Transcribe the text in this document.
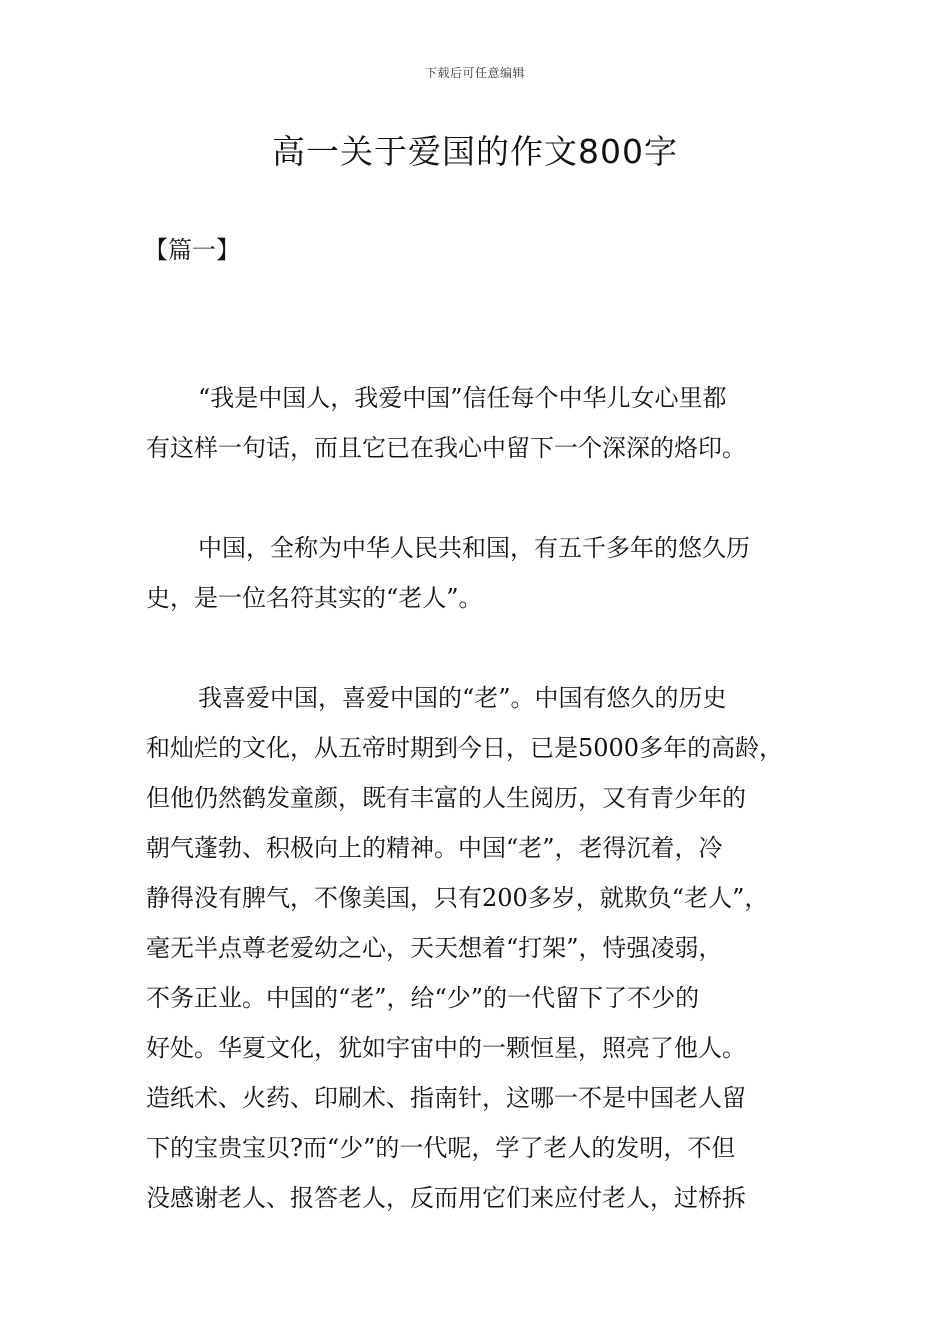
下载后可任意编辑
高一关于爱国的作文800字
【篇一】

“我是中国人，我爱中国”信任每个中华儿女心里都
有这样一句话，而且它已在我心中留下一个深深的烙印。

中国，全称为中华人民共和国，有五千多年的悠久历
史，是一位名符其实的“老人”。

我喜爱中国，喜爱中国的“老”。中国有悠久的历史
和灿烂的文化，从五帝时期到今日，已是5000多年的高龄，
但他仍然鹤发童颜，既有丰富的人生阅历，又有青少年的
朝气蓬勃、积极向上的精神。中国“老”，老得沉着，冷
静得没有脾气，不像美国，只有200多岁，就欺负“老人”，
毫无半点尊老爱幼之心，天天想着“打架”，恃强凌弱，
不务正业。中国的“老”，给“少”的一代留下了不少的
好处。华夏文化，犹如宇宙中的一颗恒星，照亮了他人。
造纸术、火药、印刷术、指南针，这哪一不是中国老人留
下的宝贵宝贝?而“少”的一代呢，学了老人的发明，不但
没感谢老人、报答老人，反而用它们来应付老人，过桥拆
